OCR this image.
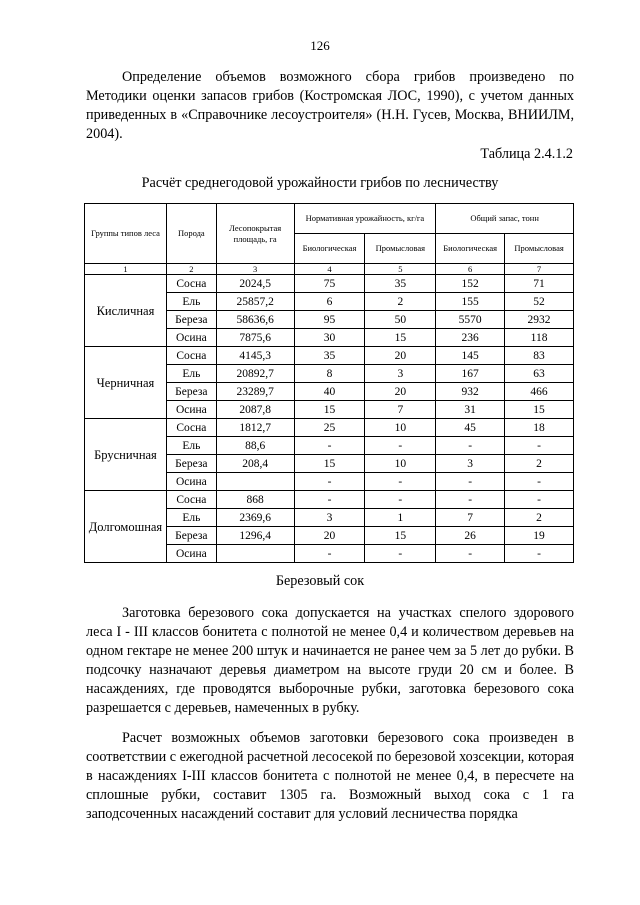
126

Определение объемов возможного сбора грибов произведено по Методики оценки запасов грибов (Костромская ЛОС, 1990), с учетом данных приведенных в «Справочнике лесоустроителя» (Н.Н. Гусев, Москва, ВНИИЛМ, 2004).

Таблица 2.4.1.2
Расчёт среднегодовой урожайности грибов по лесничеству
Группы типов леса	Порода	Лесопокрытая площадь, га	Нормативная урожайность, кг/га		Общий запас, тонн	
			Биологическая	Промысловая	Биологическая	Промысловая
1	2	3	4	5	6	7
Кисличная	Сосна	2024,5	75	35	152	71
	Ель	25857,2	6	2	155	52
	Береза	58636,6	95	50	5570	2932
	Осина	7875,6	30	15	236	118
Черничная	Сосна	4145,3	35	20	145	83
	Ель	20892,7	8	3	167	63
	Береза	23289,7	40	20	932	466
	Осина	2087,8	15	7	31	15
Брусничная	Сосна	1812,7	25	10	45	18
	Ель	88,6	-	-	-	-
	Береза	208,4	15	10	3	2
	Осина		-	-	-	-
Долгомошная	Сосна	868	-	-	-	-
	Ель	2369,6	3	1	7	2
	Береза	1296,4	20	15	26	19
	Осина		-	-	-	-
Березовый сок

Заготовка березового сока допускается на участках спелого здорового леса I - III классов бонитета с полнотой не менее 0,4 и количеством деревьев на одном гектаре не менее 200 штук и начинается не ранее чем за 5 лет до рубки. В подсочку назначают деревья диаметром на высоте груди 20 см и более. В насаждениях, где проводятся выборочные рубки, заготовка березового сока разрешается с деревьев, намеченных в рубку.

Расчет возможных объемов заготовки березового сока произведен в соответствии с ежегодной расчетной лесосекой по березовой хозсекции, которая в насаждениях I-III классов бонитета с полнотой не менее 0,4, в пересчете на сплошные рубки, составит 1305 га. Возможный выход сока с 1 га заподсоченных насаждений составит для условий лесничества порядка
